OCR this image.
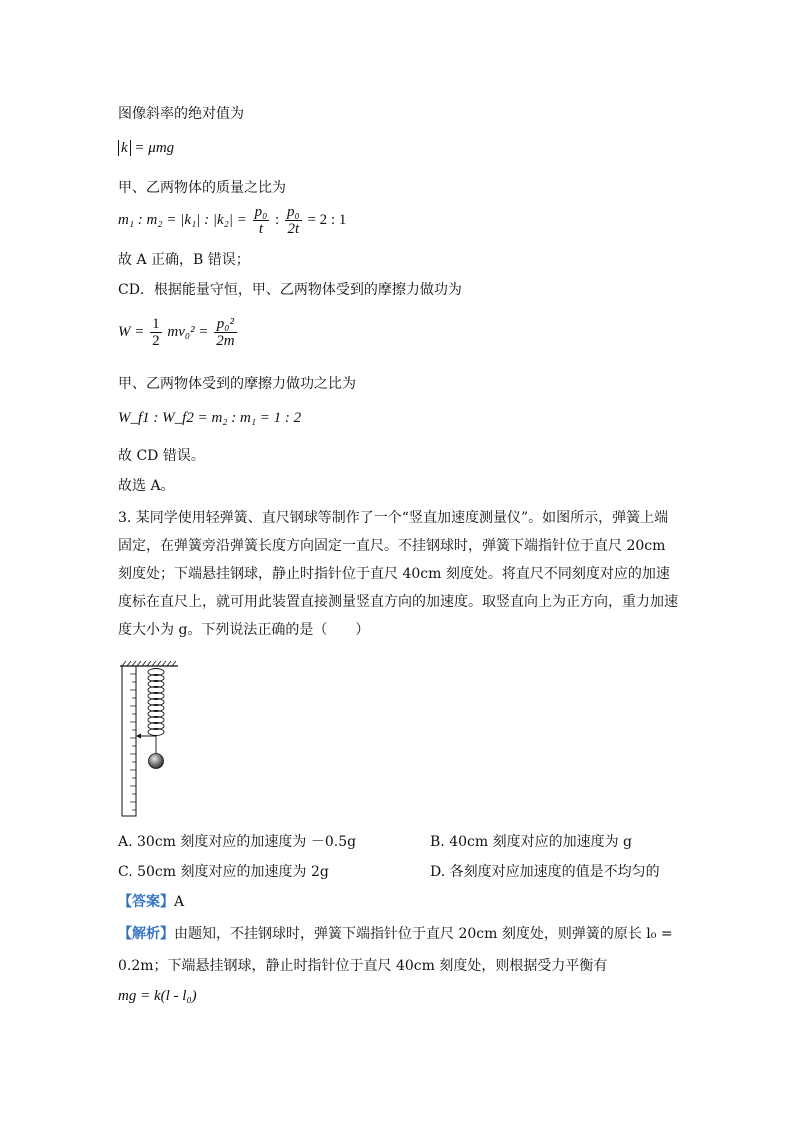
图像斜率的绝对值为
k = μmg
甲、乙两物体的质量之比为
m₁ : m₂ = |k₁| : $|k_2| = \frac{\text{p₀}}{t}$ : $\frac{\text{p₀}}{2t} = 2$ : 1
故 A 正确，B 错误；
CD．根据能量守恒，甲、乙两物体受到的摩擦力做功为
$W = \frac{1}{2} mv_0^2 = \frac{\text{p₀²}}{2m}$
甲、乙两物体受到的摩擦力做功之比为
W_f1 : W_f2 = m₂ : m₁ = 1 : 2
故 CD 错误。
故选 A。
3. 某同学使用轻弹簧、直尺钢球等制作了一个“竖直加速度测量仪”。如图所示，弹簧上端固定，在弹簧旁沿弹簧长度方向固定一直尺。不挂钢球时，弹簧下端指针位于直尺 20cm 刻度处；下端悬挂钢球，静止时指针位于直尺 40cm 刻度处。将直尺不同刻度对应的加速度标在直尺上，就可用此装置直接测量竖直方向的加速度。取竖直向上为正方向，重力加速度大小为 g。下列说法正确的是（　　）
A. 30cm 刻度对应的加速度为 －0.5g	B. 40cm 刻度对应的加速度为 g
C. 50cm 刻度对应的加速度为 2g	D. 各刻度对应加速度的值是不均匀的
【答案】A
【解析】由题知，不挂钢球时，弹簧下端指针位于直尺 20cm 刻度处，则弹簧的原长 l₀ =
0.2m；下端悬挂钢球，静止时指针位于直尺 40cm 刻度处，则根据受力平衡有
mg = k(l - l₀)
